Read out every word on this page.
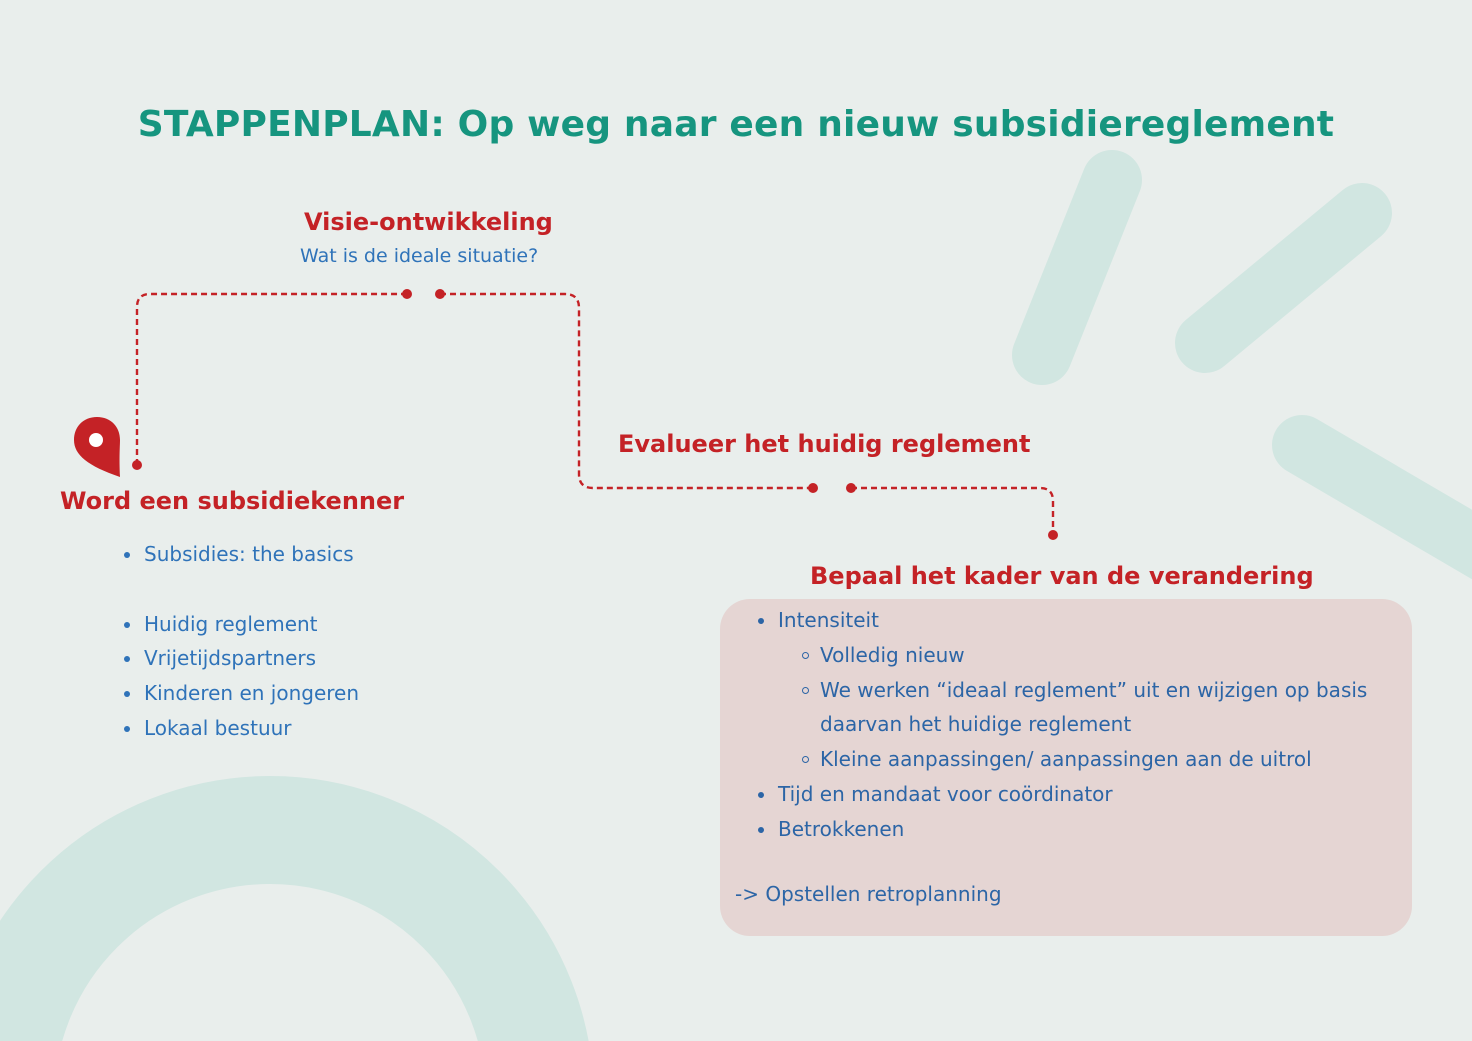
STAPPENPLAN: Op weg naar een nieuw subsidiereglement
Visie-ontwikkeling
Wat is de ideale situatie?
Word een subsidiekenner
Subsidies: the basics
Huidig reglement
Vrijetijdspartners
Kinderen en jongeren
Lokaal bestuur
Evalueer het huidig reglement
Bepaal het kader van de verandering
Intensiteit
Volledig nieuw
We werken “ideaal reglement” uit en wijzigen op basis
daarvan het huidige reglement
Kleine aanpassingen/ aanpassingen aan de uitrol
Tijd en mandaat voor coördinator
Betrokkenen
-> Opstellen retroplanning
